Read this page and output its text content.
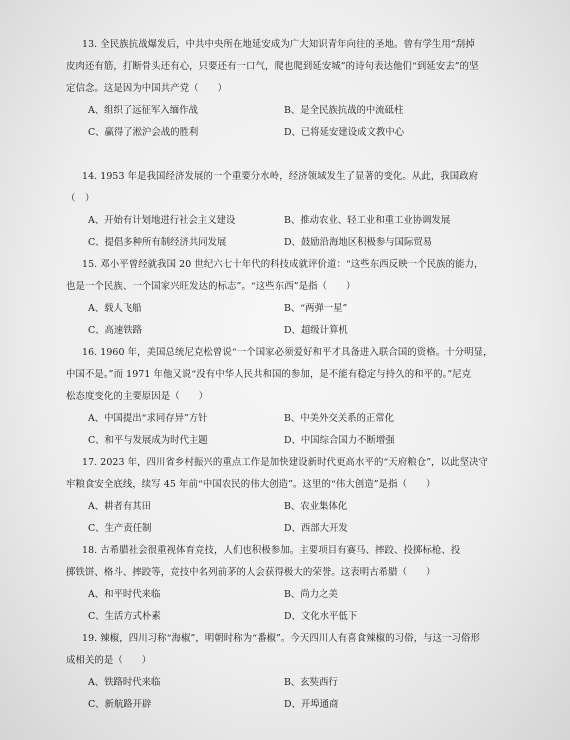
13. 全民族抗战爆发后，中共中央所在地延安成为广大知识青年向往的圣地。曾有学生用“刮掉
皮肉还有筋，打断骨头还有心，只要还有一口气，爬也爬到延安城”的诗句表达他们“到延安去”的坚
定信念。这是因为中国共产党（　　）

A、组织了远征军入缅作战	B、是全民族抗战的中流砥柱
C、赢得了淞沪会战的胜利	D、已将延安建设成文教中心

14. 1953 年是我国经济发展的一个重要分水岭，经济领域发生了显著的变化。从此，我国政府
（　）

A、开始有计划地进行社会主义建设	B、推动农业、轻工业和重工业协调发展
C、提倡多种所有制经济共同发展	D、鼓励沿海地区积极参与国际贸易

15. 邓小平曾经就我国 20 世纪六七十年代的科技成就评价道：“这些东西反映一个民族的能力，
也是一个民族、一个国家兴旺发达的标志”。“这些东西”是指（　　）

A、载人飞船	B、“两弹一星”
C、高速铁路	D、超级计算机

16. 1960 年，美国总统尼克松曾说“一个国家必须爱好和平才具备进入联合国的资格。十分明显，
中国不是。”而 1971 年他又说“没有中华人民共和国的参加，是不能有稳定与持久的和平的。”尼克
松态度变化的主要原因是（　　）

A、中国提出“求同存异”方针	B、中美外交关系的正常化
C、和平与发展成为时代主题	D、中国综合国力不断增强

17. 2023 年，四川省乡村振兴的重点工作是加快建设新时代更高水平的“天府粮仓”，以此坚决守
牢粮食安全底线，续写 45 年前“中国农民的伟大创造”。这里的“伟大创造”是指（　　）

A、耕者有其田	B、农业集体化
C、生产责任制	D、西部大开发

18. 古希腊社会很重视体育竞技，人们也积极参加。主要项目有赛马、摔跤、投掷标枪、投
掷铁饼、格斗、摔跤等，竞技中名列前茅的人会获得极大的荣誉。这表明古希腊（　　）

A、和平时代来临	B、尚力之美
C、生活方式朴素	D、文化水平低下

19. 辣椒，四川习称“海椒”，明朝时称为“番椒”。今天四川人有喜食辣椒的习俗，与这一习俗形
成相关的是（　　）

A、铁路时代来临	B、玄奘西行
C、新航路开辟	D、开埠通商
